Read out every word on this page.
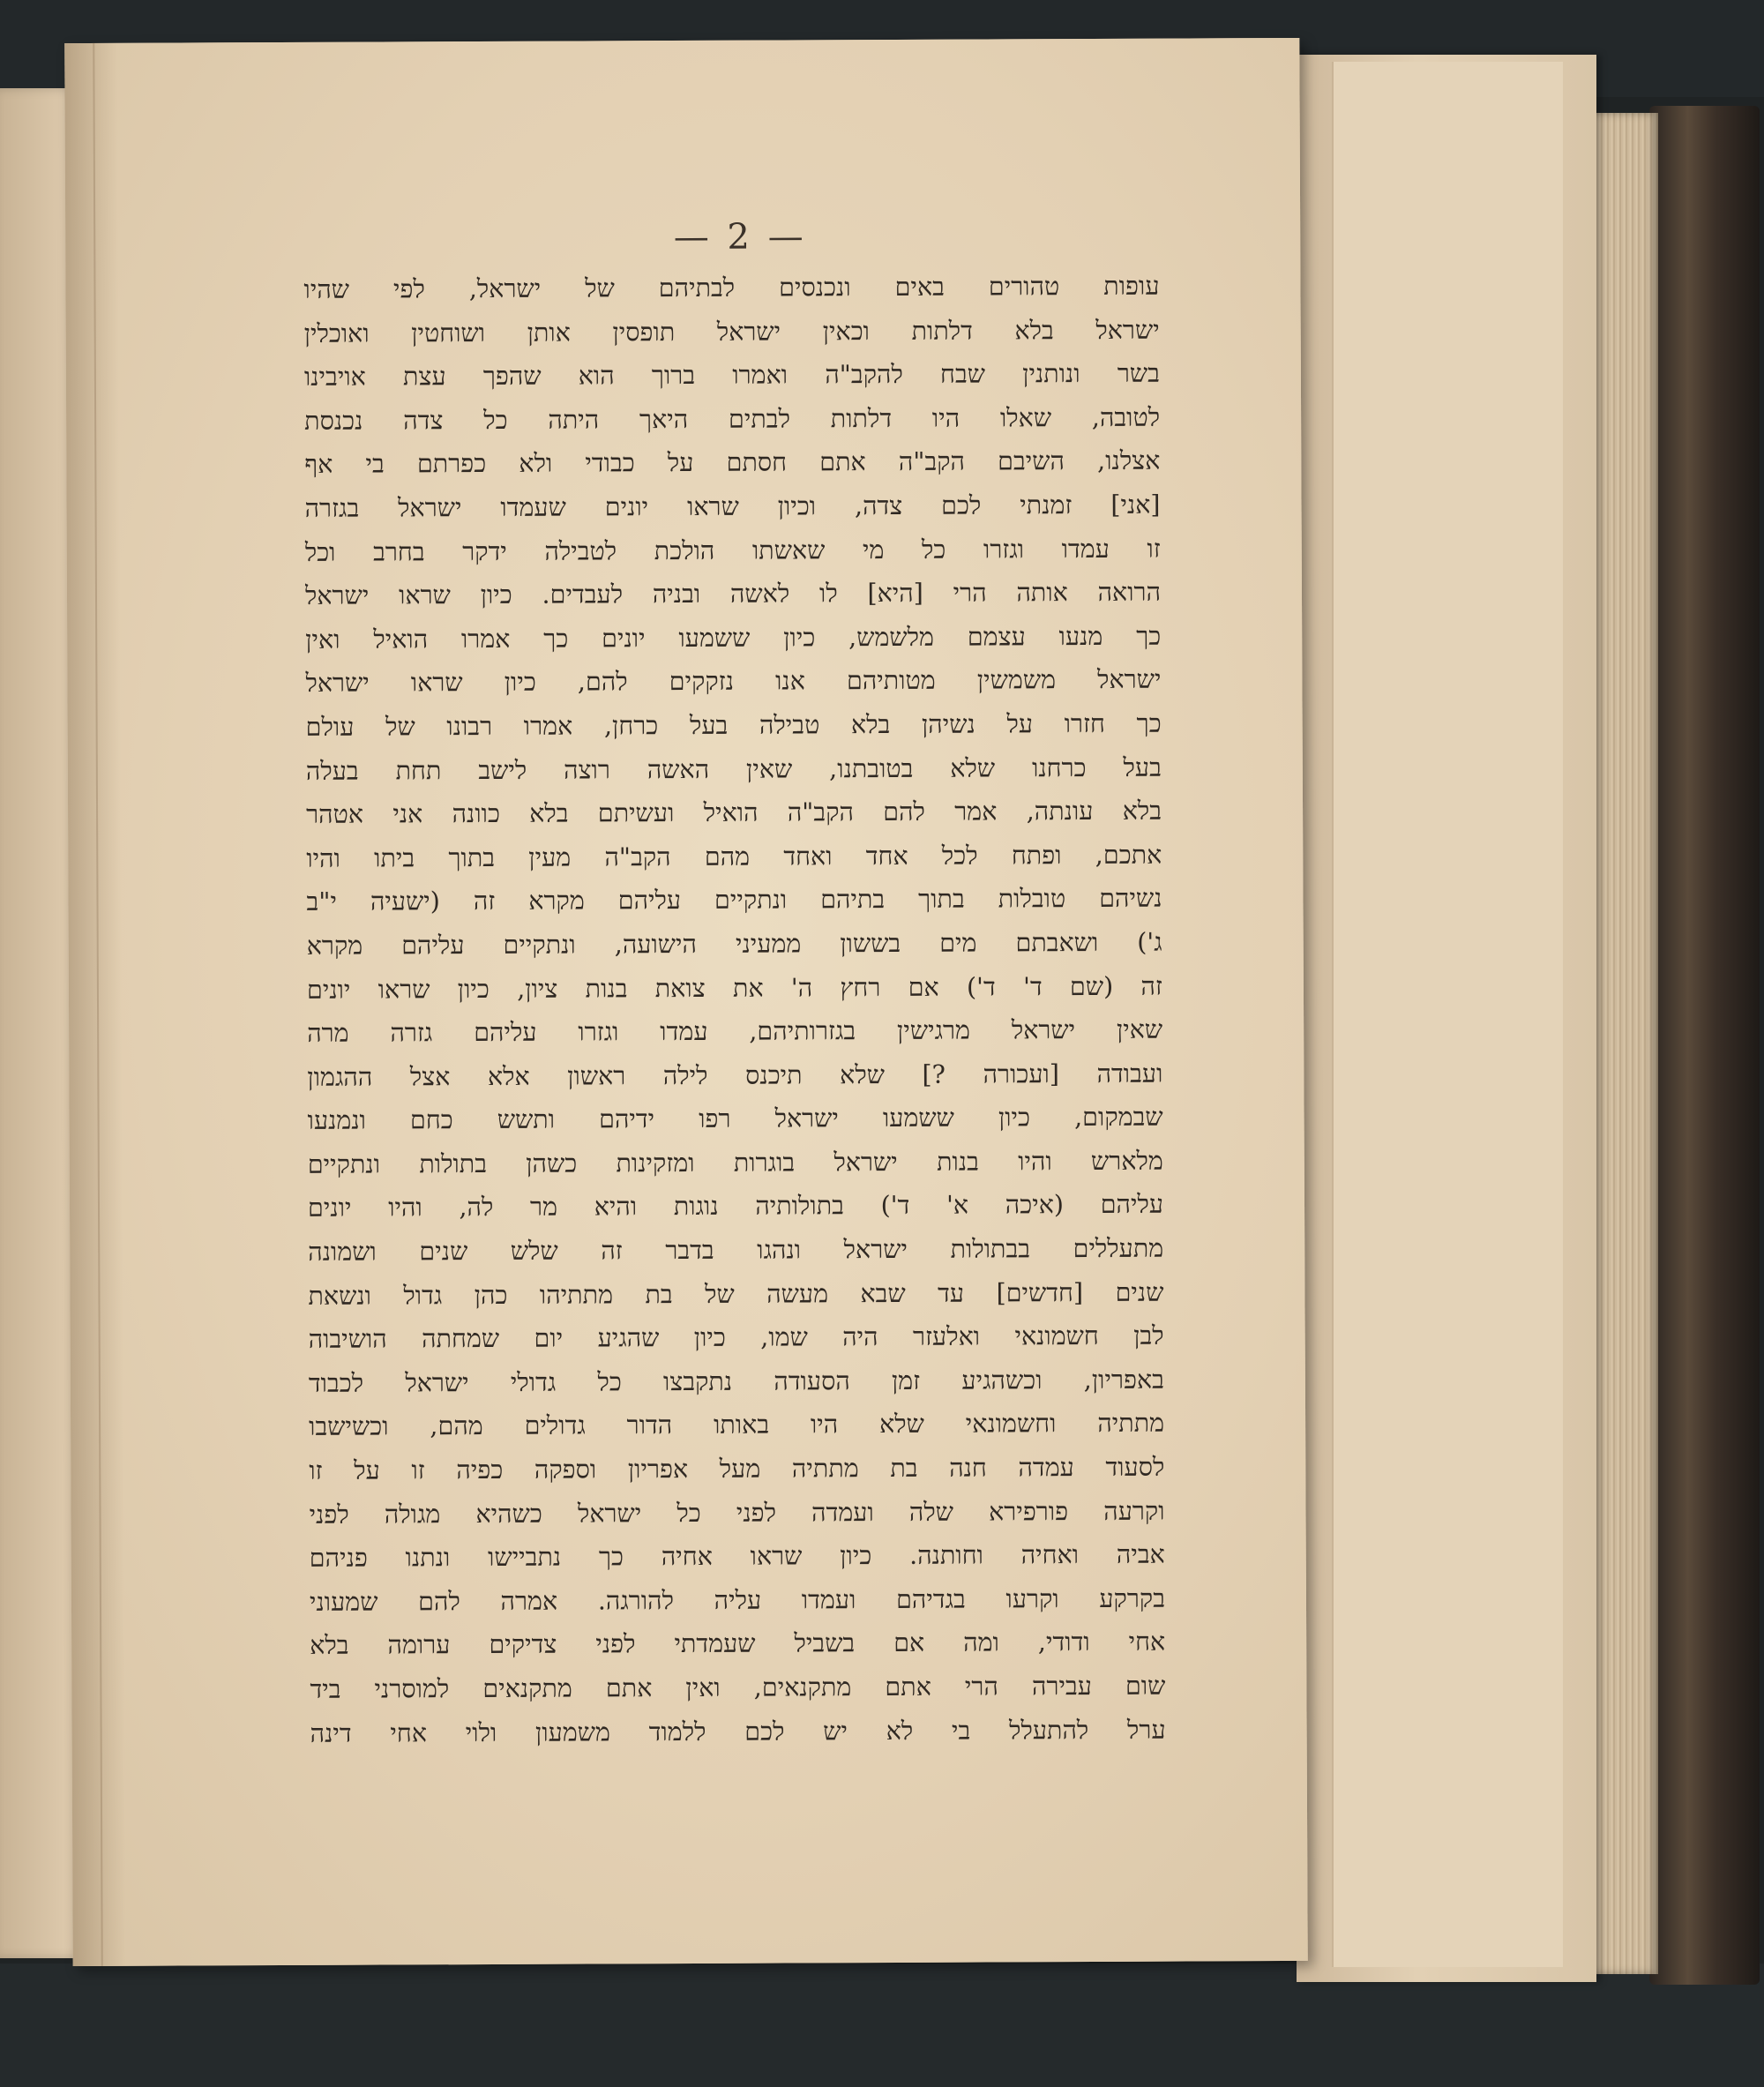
— 2 —
עופות טהורים באים ונכנסים לבתיהם של ישראל, לפי שהיו
ישראל בלא דלתות וכאין ישראל תופסין אותן ושוחטין ואוכלין
בשר ונותנין שבח להקב"ה ואמרו ברוך הוא שהפך עצת אויבינו
לטובה, שאלו היו דלתות לבתים היאך היתה כל צדה נכנסת
אצלנו, השיבם הקב"ה אתם חסתם על כבודי ולא כפרתם בי אף
[אני] זמנתי לכם צדה, וכיון שראו יונים שעמדו ישראל בגזרה
זו עמדו וגזרו כל מי שאשתו הולכת לטבילה ידקר בחרב וכל
הרואה אותה הרי [היא] לו לאשה ובניה לעבדים. כיון שראו ישראל
כך מנעו עצמם מלשמש, כיון ששמעו יונים כך אמרו הואיל ואין
ישראל משמשין מטותיהם אנו נזקקים להם, כיון שראו ישראל
כך חזרו על נשיהן בלא טבילה בעל כרחן, אמרו רבונו של עולם
בעל כרחנו שלא בטובתנו, שאין האשה רוצה לישב תחת בעלה
בלא עונתה, אמר להם הקב"ה הואיל ועשיתם בלא כוונה אני אטהר
אתכם, ופתח לכל אחד ואחד מהם הקב"ה מעין בתוך ביתו והיו
נשיהם טובלות בתוך בתיהם ונתקיים עליהם מקרא זה (ישעיה י"ב
ג') ושאבתם מים בששון ממעיני הישועה, ונתקיים עליהם מקרא
זה (שם ד' ד') אם רחץ ה' את צואת בנות ציון, כיון שראו יונים
שאין ישראל מרגישין בגזרותיהם, עמדו וגזרו עליהם גזרה מרה
ועבודה [ועכורה ?] שלא תיכנס לילה ראשון אלא אצל ההגמון
שבמקום, כיון ששמעו ישראל רפו ידיהם ותשש כחם ונמנעו
מלארש והיו בנות ישראל בוגרות ומזקינות כשהן בתולות ונתקיים
עליהם (איכה א' ד') בתולותיה נוגות והיא מר לה, והיו יונים
מתעללים בבתולות ישראל ונהגו בדבר זה שלש שנים ושמונה
שנים [חדשים] עד שבא מעשה של בת מתתיהו כהן גדול ונשאת
לבן חשמונאי ואלעזר היה שמו, כיון שהגיע יום שמחתה הושיבוה
באפריון, וכשהגיע זמן הסעודה נתקבצו כל גדולי ישראל לכבוד
מתתיה וחשמונאי שלא היו באותו הדור גדולים מהם, וכשישבו
לסעוד עמדה חנה בת מתתיה מעל אפריון וספקה כפיה זו על זו
וקרעה פורפירא שלה ועמדה לפני כל ישראל כשהיא מגולה לפני
אביה ואחיה וחותנה. כיון שראו אחיה כך נתביישו ונתנו פניהם
בקרקע וקרעו בגדיהם ועמדו עליה להורגה. אמרה להם שמעוני
אחי ודודי, ומה אם בשביל שעמדתי לפני צדיקים ערומה בלא
שום עבירה הרי אתם מתקנאים, ואין אתם מתקנאים למוסרני ביד
ערל להתעלל בי לא יש לכם ללמוד משמעון ולוי אחי דינה
